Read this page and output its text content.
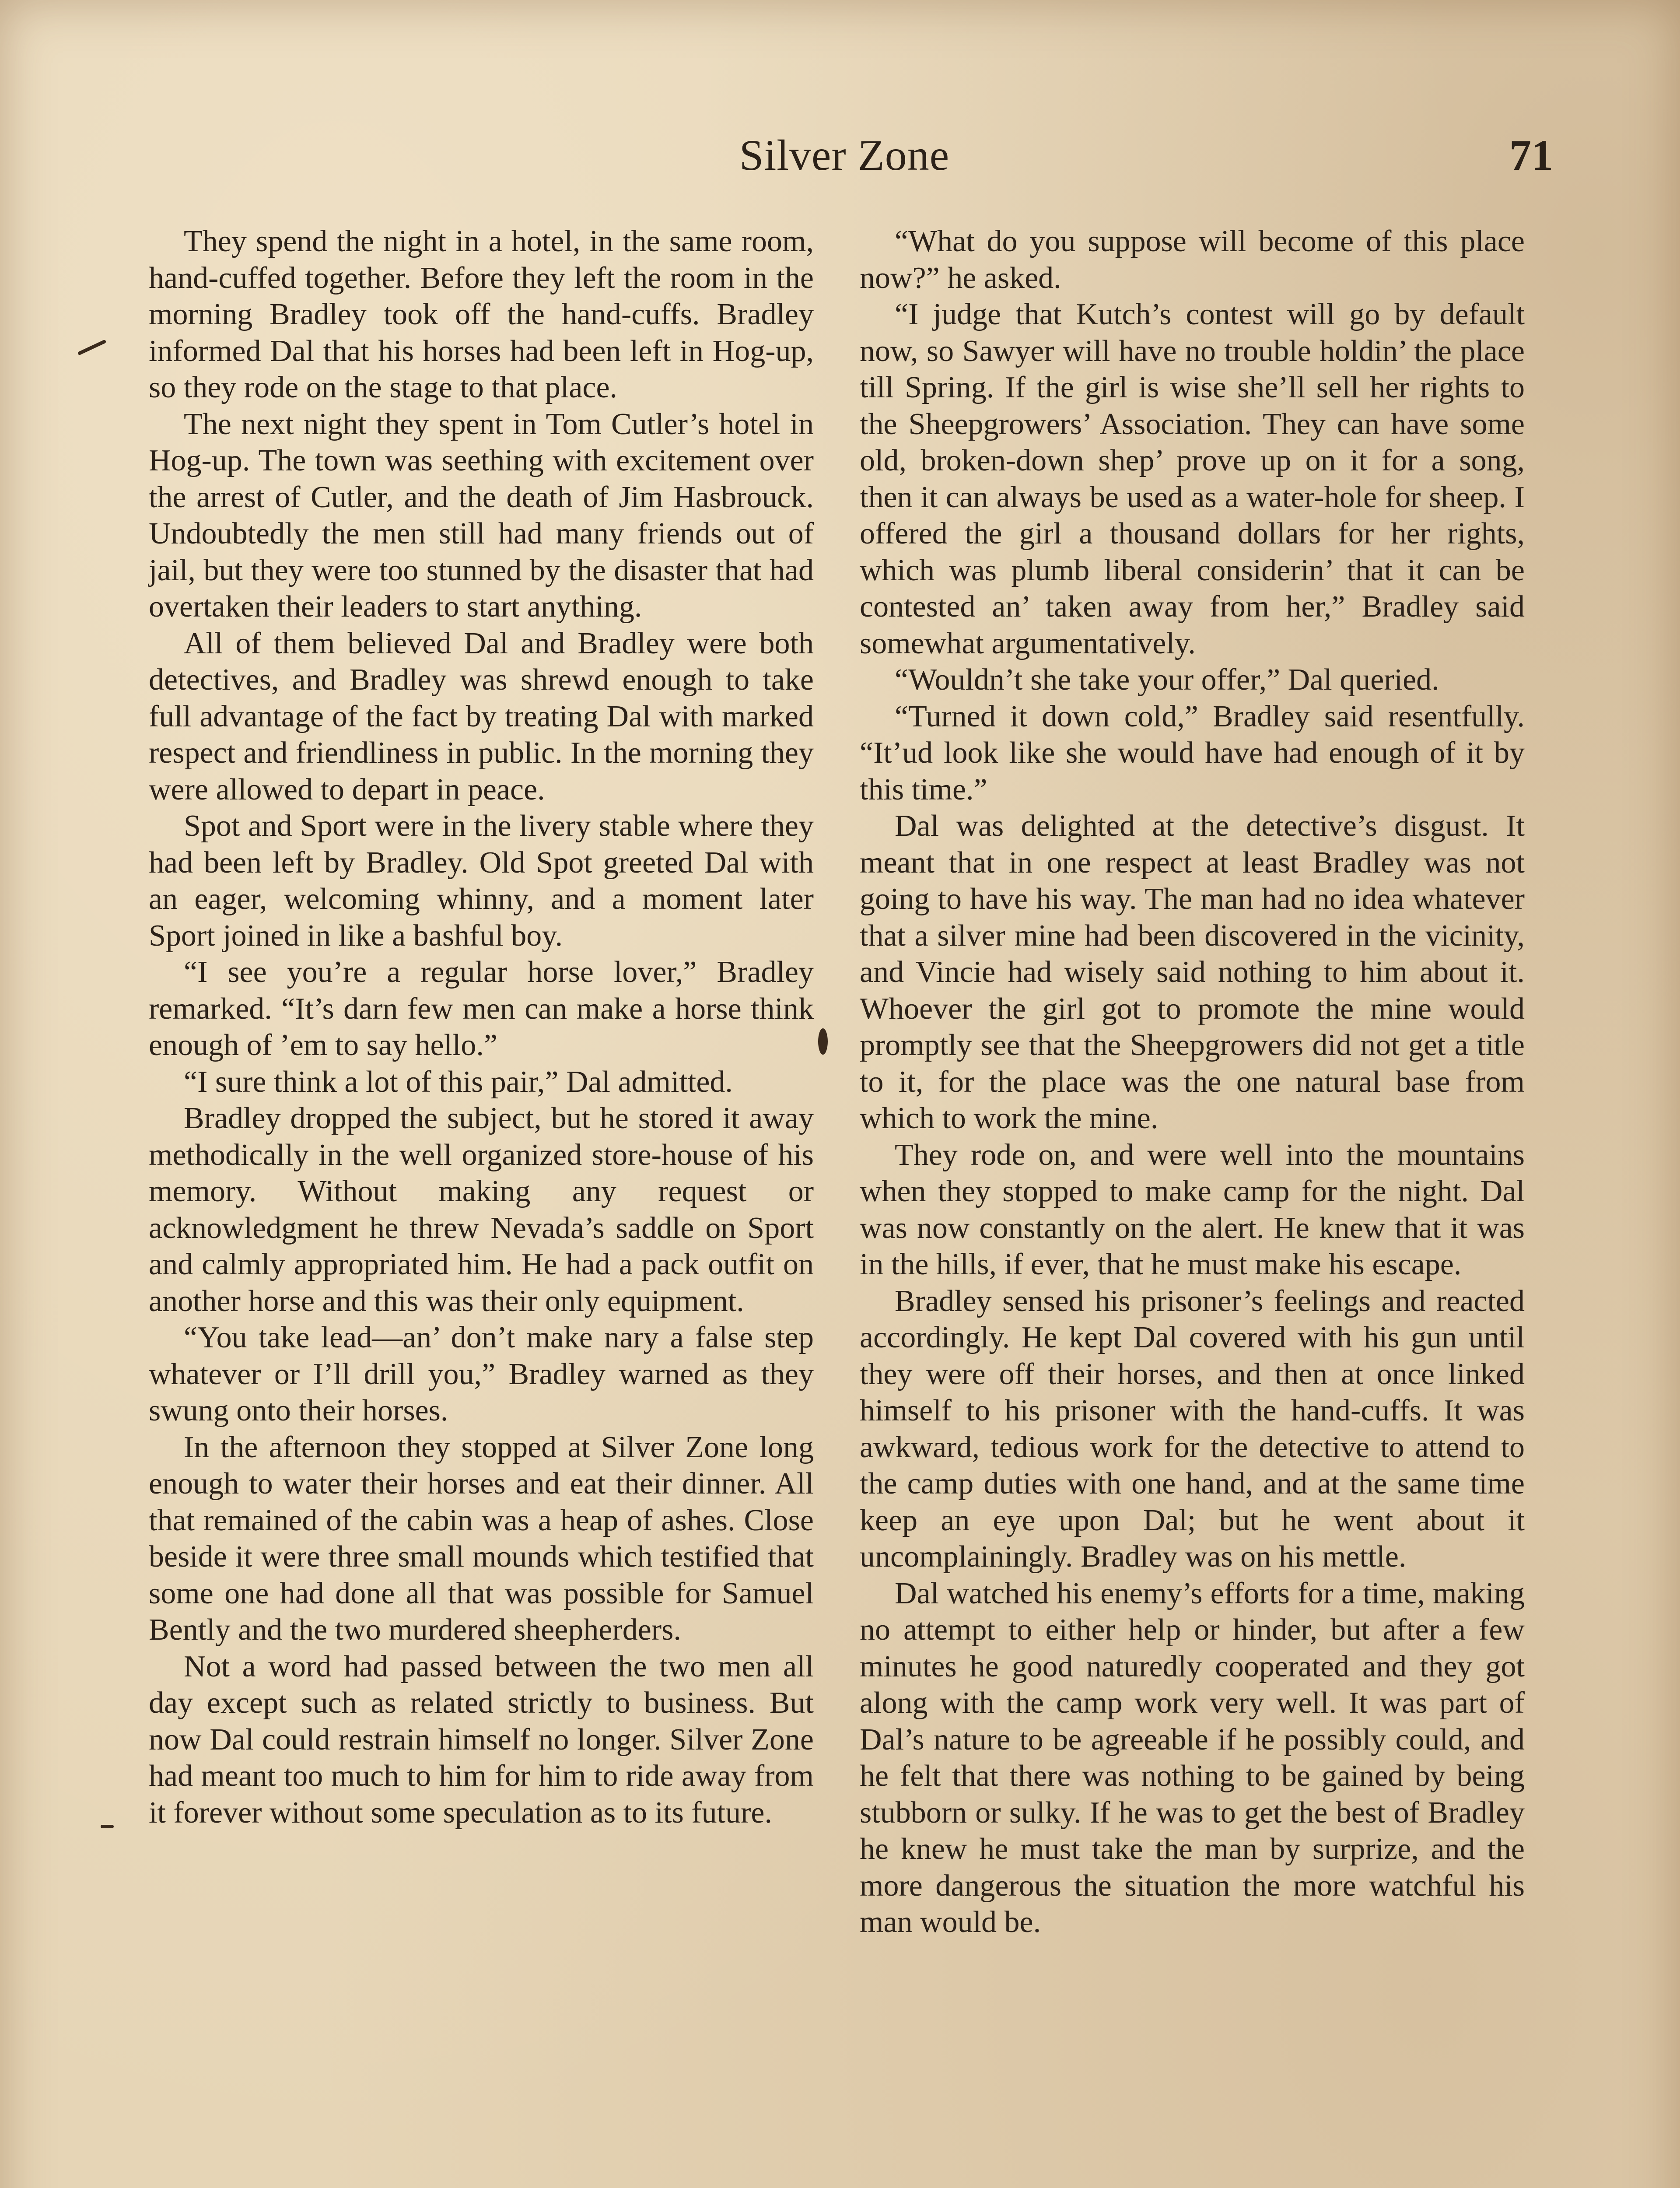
Silver Zone	71

They spend the night in a hotel, in the same room, hand-cuffed together. Before they left the room in the morning Bradley took off the hand-cuffs. Bradley informed Dal that his horses had been left in Hog-up, so they rode on the stage to that place.

The next night they spent in Tom Cutler’s hotel in Hog-up. The town was seething with excitement over the arrest of Cutler, and the death of Jim Hasbrouck. Undoubtedly the men still had many friends out of jail, but they were too stunned by the disaster that had overtaken their leaders to start anything.

All of them believed Dal and Bradley were both detectives, and Bradley was shrewd enough to take full advantage of the fact by treating Dal with marked respect and friendliness in public. In the morning they were allowed to depart in peace.

Spot and Sport were in the livery stable where they had been left by Bradley. Old Spot greeted Dal with an eager, welcoming whinny, and a moment later Sport joined in like a bashful boy.

“I see you’re a regular horse lover,” Bradley remarked. “It’s darn few men can make a horse think enough of ’em to say hello.”

“I sure think a lot of this pair,” Dal admitted.

Bradley dropped the subject, but he stored it away methodically in the well organized store-house of his memory. Without making any request or acknowledgment he threw Nevada’s saddle on Sport and calmly appropriated him. He had a pack outfit on another horse and this was their only equipment.

“You take lead—an’ don’t make nary a false step whatever or I’ll drill you,” Bradley warned as they swung onto their horses.

In the afternoon they stopped at Silver Zone long enough to water their horses and eat their dinner. All that remained of the cabin was a heap of ashes. Close beside it were three small mounds which testified that some one had done all that was possible for Samuel Bently and the two murdered sheepherders.

Not a word had passed between the two men all day except such as related strictly to business. But now Dal could restrain himself no longer. Silver Zone had meant too much to him for him to ride away from it forever without some speculation as to its future.

“What do you suppose will become of this place now?” he asked.

“I judge that Kutch’s contest will go by default now, so Sawyer will have no trouble holdin’ the place till Spring. If the girl is wise she’ll sell her rights to the Sheepgrowers’ Association. They can have some old, broken-down shep’ prove up on it for a song, then it can always be used as a water-hole for sheep. I offered the girl a thousand dollars for her rights, which was plumb liberal considerin’ that it can be contested an’ taken away from her,” Bradley said somewhat argumentatively.

“Wouldn’t she take your offer,” Dal queried.

“Turned it down cold,” Bradley said resentfully. “It’ud look like she would have had enough of it by this time.”

Dal was delighted at the detective’s disgust. It meant that in one respect at least Bradley was not going to have his way. The man had no idea whatever that a silver mine had been discovered in the vicinity, and Vincie had wisely said nothing to him about it. Whoever the girl got to promote the mine would promptly see that the Sheepgrowers did not get a title to it, for the place was the one natural base from which to work the mine.

They rode on, and were well into the mountains when they stopped to make camp for the night. Dal was now constantly on the alert. He knew that it was in the hills, if ever, that he must make his escape.

Bradley sensed his prisoner’s feelings and reacted accordingly. He kept Dal covered with his gun until they were off their horses, and then at once linked himself to his prisoner with the hand-cuffs. It was awkward, tedious work for the detective to attend to the camp duties with one hand, and at the same time keep an eye upon Dal; but he went about it uncomplainingly. Bradley was on his mettle.

Dal watched his enemy’s efforts for a time, making no attempt to either help or hinder, but after a few minutes he good naturedly cooperated and they got along with the camp work very well. It was part of Dal’s nature to be agreeable if he possibly could, and he felt that there was nothing to be gained by being stubborn or sulky. If he was to get the best of Bradley he knew he must take the man by surprize, and the more dangerous the situation the more watchful his man would be.
